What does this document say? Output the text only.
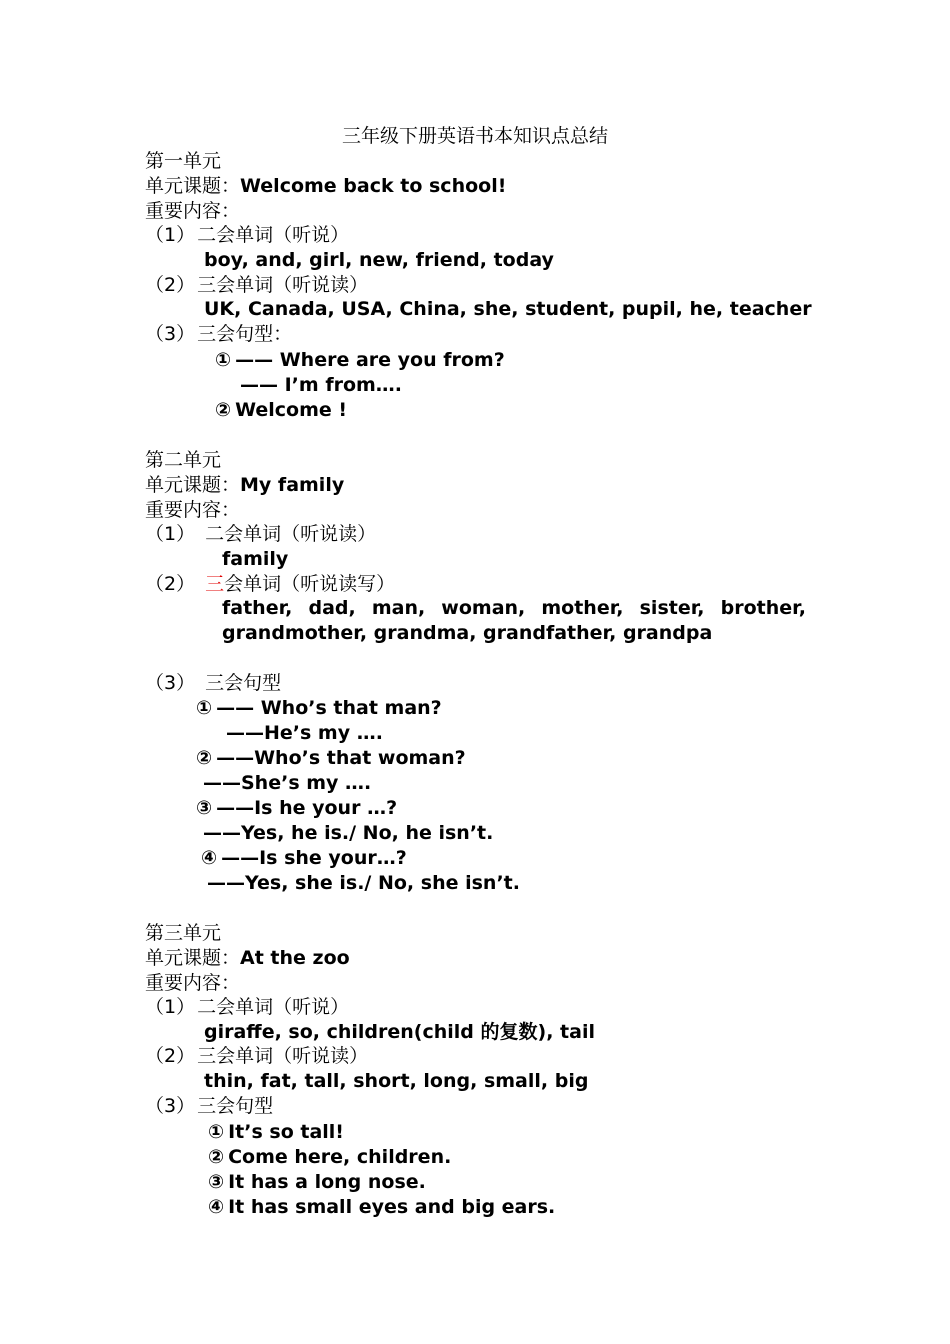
三年级下册英语书本知识点总结
第一单元
单元课题：Welcome back to school!
重要内容：
（1） 二会单词（听说）
boy, and, girl, new, friend, today
（2） 三会单词（听说读）
UK, Canada, USA, China, she, student, pupil, he, teacher
（3） 三会句型：
① —— Where are you from?
—— I’m from….
② Welcome !
第二单元
单元课题：My family
重要内容：
（1） 二会单词（听说读）
family
（2） 三会单词（听说读写）
father, dad, man, woman, mother, sister, brother,
grandmother, grandma, grandfather, grandpa
（3） 三会句型
① —— Who’s that man?
——He’s my ….
② ——Who’s that woman?
——She’s my ….
③ ——Is he your …?
——Yes, he is./ No, he isn’t.
④ ——Is she your…?
——Yes, she is./ No, she isn’t.
第三单元
单元课题：At the zoo
重要内容：
（1） 二会单词（听说）
giraffe, so, children(child 的复数), tail
（2） 三会单词（听说读）
thin, fat, tall, short, long, small, big
（3） 三会句型
① It’s so tall!
② Come here, children.
③ It has a long nose.
④ It has small eyes and big ears.
